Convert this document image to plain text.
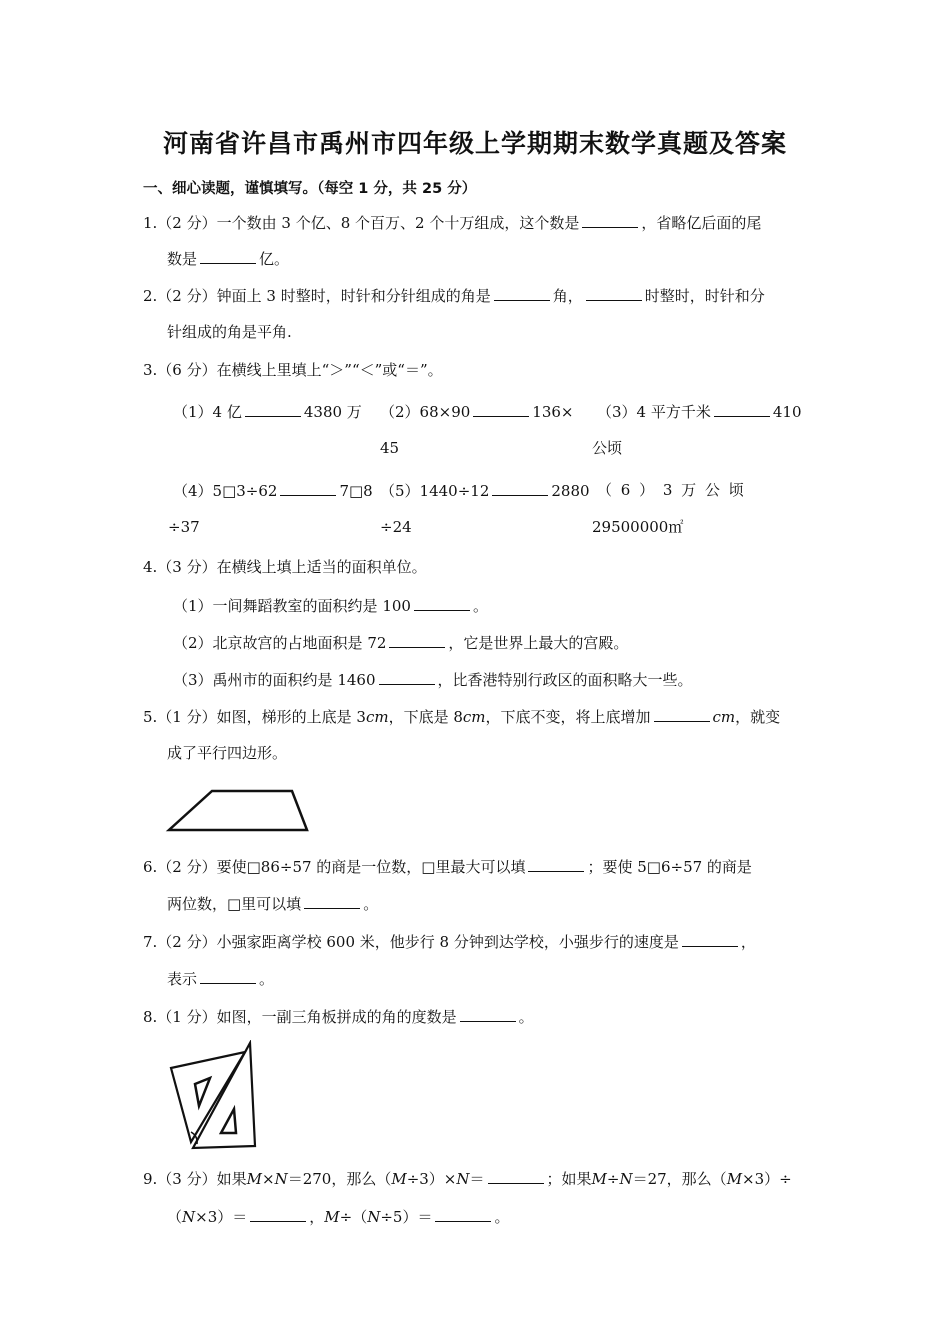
河南省许昌市禹州市四年级上学期期末数学真题及答案
一、细心读题，谨慎填写。（每空 1 分，共 25 分）
1.（2 分）一个数由 3 个亿、8 个百万、2 个十万组成，这个数是	，省略亿后面的尾
数是	亿。
2.（2 分）钟面上 3 时整时，时针和分针组成的角是	角，	时整时，时针和分
针组成的角是平角.
3.（6 分）在横线上里填上“＞”“＜”或“＝”。
（1）4 亿	4380 万 （2）68×90	136×
45
（3）4 平方千米	410
公顷
（4）5□3÷62	7□8
÷37	÷24
（5）1440÷12	2880 （ 6 ） 3 万 公 顷
29500000㎡
4.（3 分）在横线上填上适当的面积单位。
（1）一间舞蹈教室的面积约是 100	。
（2）北京故宫的占地面积是 72	，它是世界上最大的宫殿。
（3）禹州市的面积约是 1460	，比香港特别行政区的面积略大一些。
5.（1 分）如图，梯形的上底是 3cm，下底是 8cm，下底不变，将上底增加	cm，就变
成了平行四边形。
6.（2 分）要使□86÷57 的商是一位数，□里最大可以填	；要使 5□6÷57 的商是
两位数，□里可以填	。
7.（2 分）小强家距离学校 600 米，他步行 8 分钟到达学校，小强步行的速度是	，
表示	。
8.（1 分）如图，一副三角板拼成的角的度数是	。
9.（3 分）如果M×N＝270，那么（M÷3）×N＝	；如果M÷N＝27，那么（M×3）÷
（N×3）＝	，M÷（N÷5）＝	。
